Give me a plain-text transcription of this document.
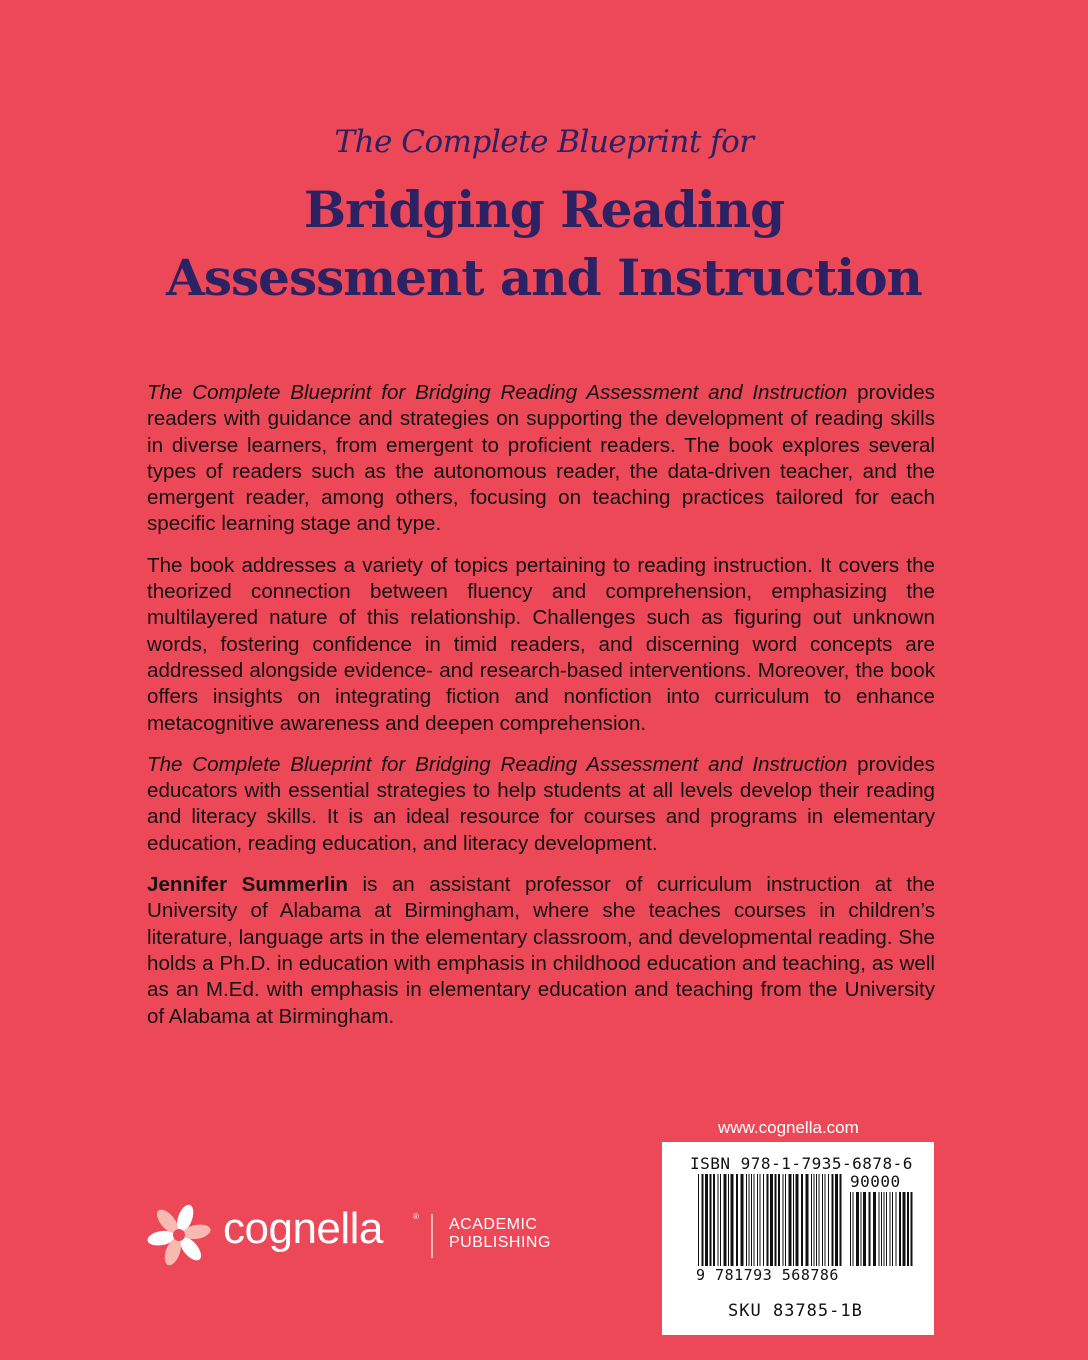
The Complete Blueprint for
Bridging Reading
Assessment and Instruction

The Complete Blueprint for Bridging Reading Assessment and Instruction provides readers with guidance and strategies on supporting the development of reading skills in diverse learners, from emergent to proficient readers. The book explores several types of readers such as the autonomous reader, the data-driven teacher, and the emergent reader, among others, focusing on teaching practices tailored for each specific learning stage and type.

The book addresses a variety of topics pertaining to reading instruction. It covers the theorized connection between fluency and comprehension, emphasizing the multilayered nature of this relationship. Challenges such as figuring out unknown words, fostering confidence in timid readers, and discerning word concepts are addressed alongside evidence- and research-based interventions. Moreover, the book offers insights on integrating fiction and nonfiction into curriculum to enhance metacognitive awareness and deepen comprehension.

The Complete Blueprint for Bridging Reading Assessment and Instruction provides educators with essential strategies to help students at all levels develop their reading and literacy skills. It is an ideal resource for courses and programs in elementary education, reading education, and literacy development.

Jennifer Summerlin is an assistant professor of curriculum instruction at the University of Alabama at Birmingham, where she teaches courses in children’s literature, language arts in the elementary classroom, and developmental reading. She holds a Ph.D. in education with emphasis in childhood education and teaching, as well as an M.Ed. with emphasis in elementary education and teaching from the University of Alabama at Birmingham.

www.cognella.com
ISBN 978-1-7935-6878-6
90000
9 781793 568786
SKU 83785-1B
cognella	® ACADEMIC
PUBLISHING
